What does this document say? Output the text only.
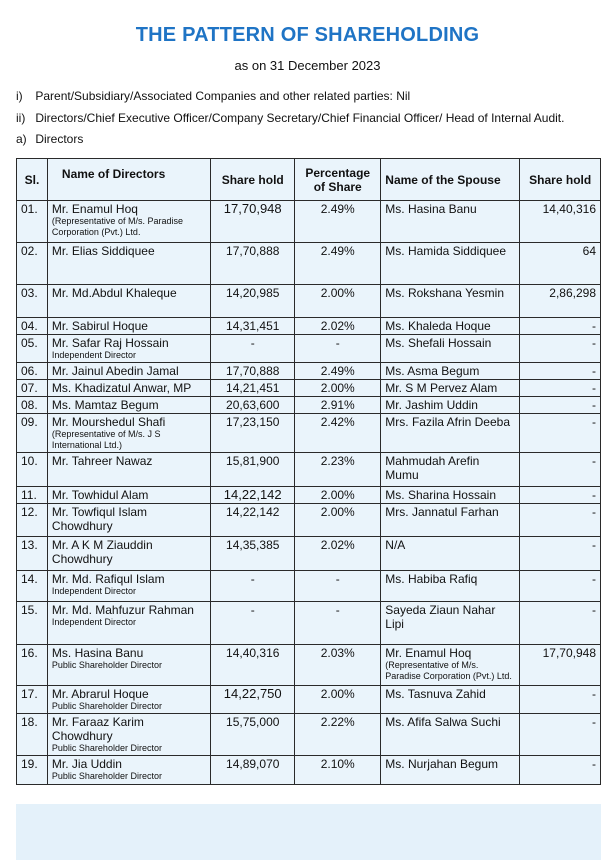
THE PATTERN OF SHAREHOLDING
as on 31 December 2023
i) Parent/Subsidiary/Associated Companies and other related parties: Nil
ii) Directors/Chief Executive Officer/Company Secretary/Chief Financial Officer/ Head of Internal Audit.
a) Directors
Sl.	Name of Directors	Share hold	Percentage of Share	Name of the Spouse	Share hold
01.	Mr. Enamul Hoq
(Representative of M/s. Paradise Corporation (Pvt.) Ltd.	17,70,948	2.49%	Ms. Hasina Banu	14,40,316
02.	Mr. Elias Siddiquee	17,70,888	2.49%	Ms. Hamida Siddiquee	64
03.	Mr. Md.Abdul Khaleque	14,20,985	2.00%	Ms. Rokshana Yesmin	2,86,298
04.	Mr. Sabirul Hoque	14,31,451	2.02%	Ms. Khaleda Hoque	-
05.	Mr. Safar Raj Hossain
Independent Director	-	-	Ms. Shefali Hossain	-
06.	Mr. Jainul Abedin Jamal	17,70,888	2.49%	Ms. Asma Begum	-
07.	Ms. Khadizatul Anwar, MP	14,21,451	2.00%	Mr. S M Pervez Alam	-
08.	Ms. Mamtaz Begum	20,63,600	2.91%	Mr. Jashim Uddin	-
09.	Mr. Mourshedul Shafi
(Representative of M/s. J S International Ltd.)	17,23,150	2.42%	Mrs. Fazila Afrin Deeba	-
10.	Mr. Tahreer Nawaz	15,81,900	2.23%	Mahmudah Arefin Mumu	-
11.	Mr. Towhidul Alam	14,22,142	2.00%	Ms. Sharina Hossain	-
12.	Mr. Towfiqul Islam Chowdhury	14,22,142	2.00%	Mrs. Jannatul Farhan	-
13.	Mr. A K M Ziauddin Chowdhury	14,35,385	2.02%	N/A	-
14.	Mr. Md. Rafiqul Islam
Independent Director	-	-	Ms. Habiba Rafiq	-
15.	Mr. Md. Mahfuzur Rahman
Independent Director	-	-	Sayeda Ziaun Nahar Lipi	-
16.	Ms. Hasina Banu
Public Shareholder Director	14,40,316	2.03%	Mr. Enamul Hoq
(Representative of M/s. Paradise Corporation (Pvt.) Ltd.	17,70,948
17.	Mr. Abrarul Hoque
Public Shareholder Director	14,22,750	2.00%	Ms. Tasnuva Zahid	-
18.	Mr. Faraaz Karim Chowdhury
Public Shareholder Director	15,75,000	2.22%	Ms. Afifa Salwa Suchi	-
19.	Mr. Jia Uddin
Public Shareholder Director	14,89,070	2.10%	Ms. Nurjahan Begum	-
